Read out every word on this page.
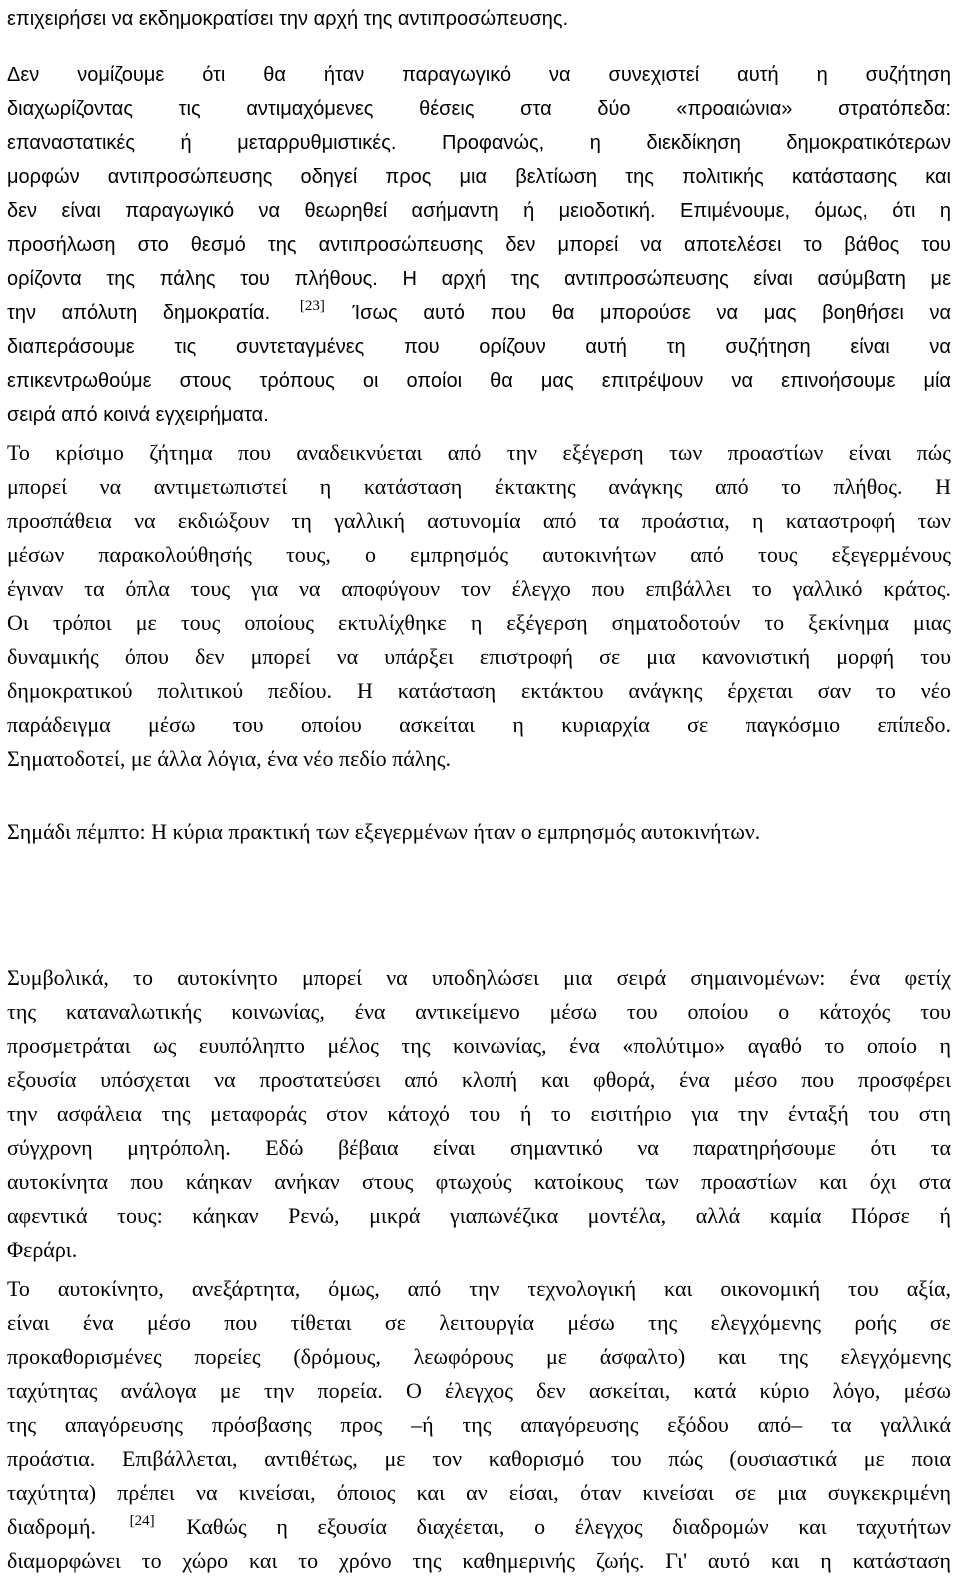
επιχειρήσει να εκδημοκρατίσει την αρχή της αντιπροσώπευσης.
Δεν νομίζουμε ότι θα ήταν παραγωγικό να συνεχιστεί αυτή η συζήτηση
διαχωρίζοντας τις αντιμαχόμενες θέσεις στα δύο «προαιώνια» στρατόπεδα:
επαναστατικές ή μεταρρυθμιστικές. Προφανώς, η διεκδίκηση δημοκρατικότερων
μορφών αντιπροσώπευσης οδηγεί προς μια βελτίωση της πολιτικής κατάστασης και
δεν είναι παραγωγικό να θεωρηθεί ασήμαντη ή μειοδοτική. Επιμένουμε, όμως, ότι η
προσήλωση στο θεσμό της αντιπροσώπευσης δεν μπορεί να αποτελέσει το βάθος του
ορίζοντα της πάλης του πλήθους. Η αρχή της αντιπροσώπευσης είναι ασύμβατη με
την απόλυτη δημοκρατία. [23] Ίσως αυτό που θα μπορούσε να μας βοηθήσει να
διαπεράσουμε τις συντεταγμένες που ορίζουν αυτή τη συζήτηση είναι να
επικεντρωθούμε στους τρόπους οι οποίοι θα μας επιτρέψουν να επινοήσουμε μία
σειρά από κοινά εγχειρήματα.
Το κρίσιμο ζήτημα που αναδεικνύεται από την εξέγερση των προαστίων είναι πώς
μπορεί να αντιμετωπιστεί η κατάσταση έκτακτης ανάγκης από το πλήθος. Η
προσπάθεια να εκδιώξουν τη γαλλική αστυνομία από τα προάστια, η καταστροφή των
μέσων παρακολούθησής τους, ο εμπρησμός αυτοκινήτων από τους εξεγερμένους
έγιναν τα όπλα τους για να αποφύγουν τον έλεγχο που επιβάλλει το γαλλικό κράτος.
Οι τρόποι με τους οποίους εκτυλίχθηκε η εξέγερση σηματοδοτούν το ξεκίνημα μιας
δυναμικής όπου δεν μπορεί να υπάρξει επιστροφή σε μια κανονιστική μορφή του
δημοκρατικού πολιτικού πεδίου. Η κατάσταση εκτάκτου ανάγκης έρχεται σαν το νέο
παράδειγμα μέσω του οποίου ασκείται η κυριαρχία σε παγκόσμιο επίπεδο.
Σηματοδοτεί, με άλλα λόγια, ένα νέο πεδίο πάλης.
Σημάδι πέμπτο: Η κύρια πρακτική των εξεγερμένων ήταν ο εμπρησμός αυτοκινήτων.
Συμβολικά, το αυτοκίνητο μπορεί να υποδηλώσει μια σειρά σημαινομένων: ένα φετίχ
της καταναλωτικής κοινωνίας, ένα αντικείμενο μέσω του οποίου ο κάτοχός του
προσμετράται ως ευυπόληπτο μέλος της κοινωνίας, ένα «πολύτιμο» αγαθό το οποίο η
εξουσία υπόσχεται να προστατεύσει από κλοπή και φθορά, ένα μέσο που προσφέρει
την ασφάλεια της μεταφοράς στον κάτοχό του ή το εισιτήριο για την ένταξή του στη
σύγχρονη μητρόπολη. Εδώ βέβαια είναι σημαντικό να παρατηρήσουμε ότι τα
αυτοκίνητα που κάηκαν ανήκαν στους φτωχούς κατοίκους των προαστίων και όχι στα
αφεντικά τους: κάηκαν Ρενώ, μικρά γιαπωνέζικα μοντέλα, αλλά καμία Πόρσε ή
Φεράρι.
Το αυτοκίνητο, ανεξάρτητα, όμως, από την τεχνολογική και οικονομική του αξία,
είναι ένα μέσο που τίθεται σε λειτουργία μέσω της ελεγχόμενης ροής σε
προκαθορισμένες πορείες (δρόμους, λεωφόρους με άσφαλτο) και της ελεγχόμενης
ταχύτητας ανάλογα με την πορεία. Ο έλεγχος δεν ασκείται, κατά κύριο λόγο, μέσω
της απαγόρευσης πρόσβασης προς –ή της απαγόρευσης εξόδου από– τα γαλλικά
προάστια. Επιβάλλεται, αντιθέτως, με τον καθορισμό του πώς (ουσιαστικά με ποια
ταχύτητα) πρέπει να κινείσαι, όποιος και αν είσαι, όταν κινείσαι σε μια συγκεκριμένη
διαδρομή. [24] Καθώς η εξουσία διαχέεται, ο έλεγχος διαδρομών και ταχυτήτων
διαμορφώνει το χώρο και το χρόνο της καθημερινής ζωής. Γι' αυτό και η κατάσταση
